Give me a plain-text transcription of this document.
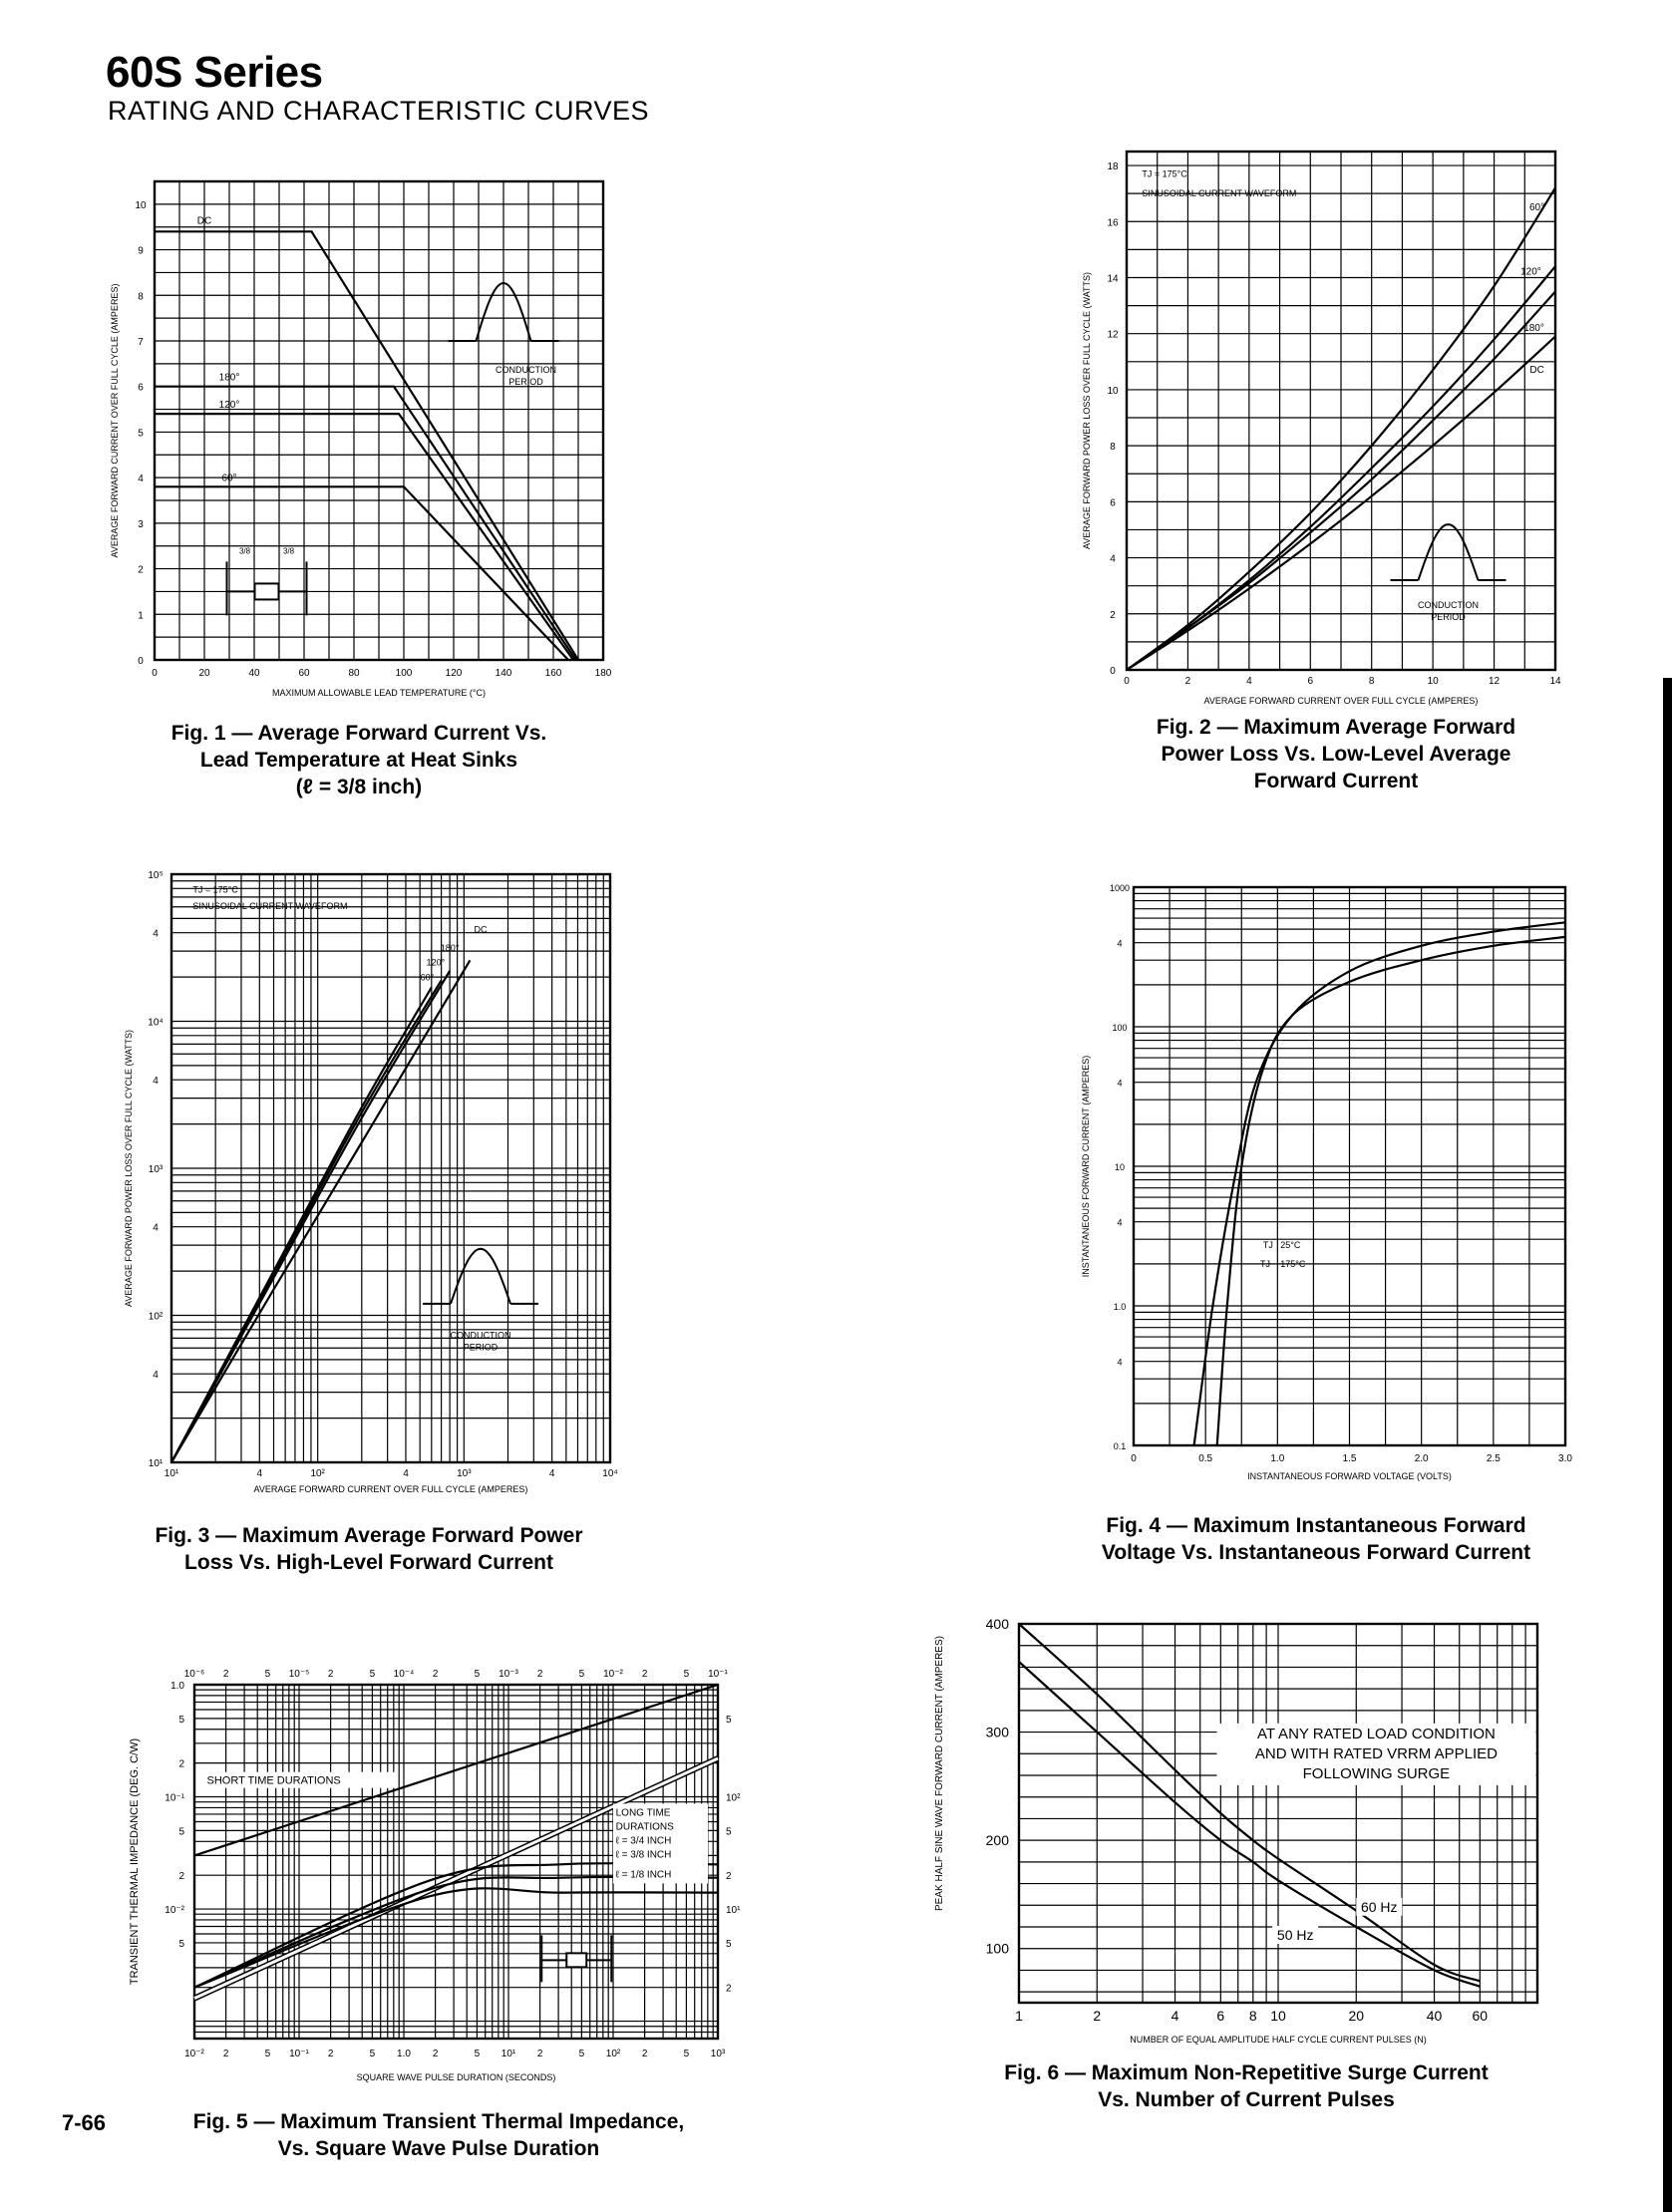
60S Series
RATING AND CHARACTERISTIC CURVES
0	20	40	60	80	100	120	140	160	180
0
1
2
3
4
5
6
7
8
9
10
MAXIMUM ALLOWABLE LEAD TEMPERATURE (°C)
AVERAGE FORWARD CURRENT OVER FULL CYCLE (AMPERES)
DC
180°
120°
60°
CONDUCTION
PERIOD
3/8	3/8
Fig. 1 — Average Forward Current Vs.
Lead Temperature at Heat Sinks
(ℓ = 3/8 inch)
0	2	4	6	8	10	12	14
0
2
4
6
8
10
12
14
16
18
AVERAGE FORWARD CURRENT OVER FULL CYCLE (AMPERES)
AVERAGE FORWARD POWER LOSS OVER FULL CYCLE (WATTS)
60°
120°
180°
DC
TJ = 175°C
SINUSOIDAL CURRENT WAVEFORM
CONDUCTION
PERIOD
Fig. 2 — Maximum Average Forward
Power Loss Vs. Low-Level Average
Forward Current
10¹	4	10²	4	10³	4	10⁴
10¹
4
10²
4
10³
4
10⁴
4
10⁵
AVERAGE FORWARD CURRENT OVER FULL CYCLE (AMPERES)
AVERAGE FORWARD POWER LOSS OVER FULL CYCLE (WATTS)
60°
120°
180°
DC
TJ = 175°C
SINUSOIDAL CURRENT WAVEFORM
CONDUCTION
PERIOD
Fig. 3 — Maximum Average Forward Power
Loss Vs. High-Level Forward Current
0	0.5	1.0	1.5	2.0	2.5	3.0
0.1
4
1.0
4
10
4
100
4
1000
INSTANTANEOUS FORWARD VOLTAGE (VOLTS)
INSTANTANEOUS FORWARD CURRENT (AMPERES)	TJ 25°C
TJ 175°C
Fig. 4 — Maximum Instantaneous Forward
Voltage Vs. Instantaneous Forward Current
10⁻⁶ 2	5 10⁻⁵ 2	5 10⁻⁴ 2	5 10⁻³ 2	5 10⁻² 2	5 10⁻¹
10⁻² 2	5 10⁻¹ 2	5 1.0 2	5 10¹ 2	5 10² 2	5 10³
1.0
5
2
10⁻¹
5
2
10⁻²
5
5
10²
5
2
10¹
5
2
SQUARE WAVE PULSE DURATION (SECONDS)
TRANSIENT THERMAL IMPEDANCE (DEG. C/W)	SHORT TIME DURATIONS
LONG TIME
DURATIONS
ℓ = 3/4 INCH
ℓ = 3/8 INCH
ℓ = 1/8 INCH
7-66	Fig. 5 — Maximum Transient Thermal Impedance,
Vs. Square Wave Pulse Duration
1	2	4	6 8 10	20	40 60
100
200
300
400
NUMBER OF EQUAL AMPLITUDE HALF CYCLE CURRENT PULSES (N)
PEAK HALF SINE WAVE FORWARD CURRENT (AMPERES)	AT ANY RATED LOAD CONDITION
AND WITH RATED VRRM APPLIED
FOLLOWING SURGE
60 Hz
50 Hz
Fig. 6 — Maximum Non-Repetitive Surge Current
Vs. Number of Current Pulses
